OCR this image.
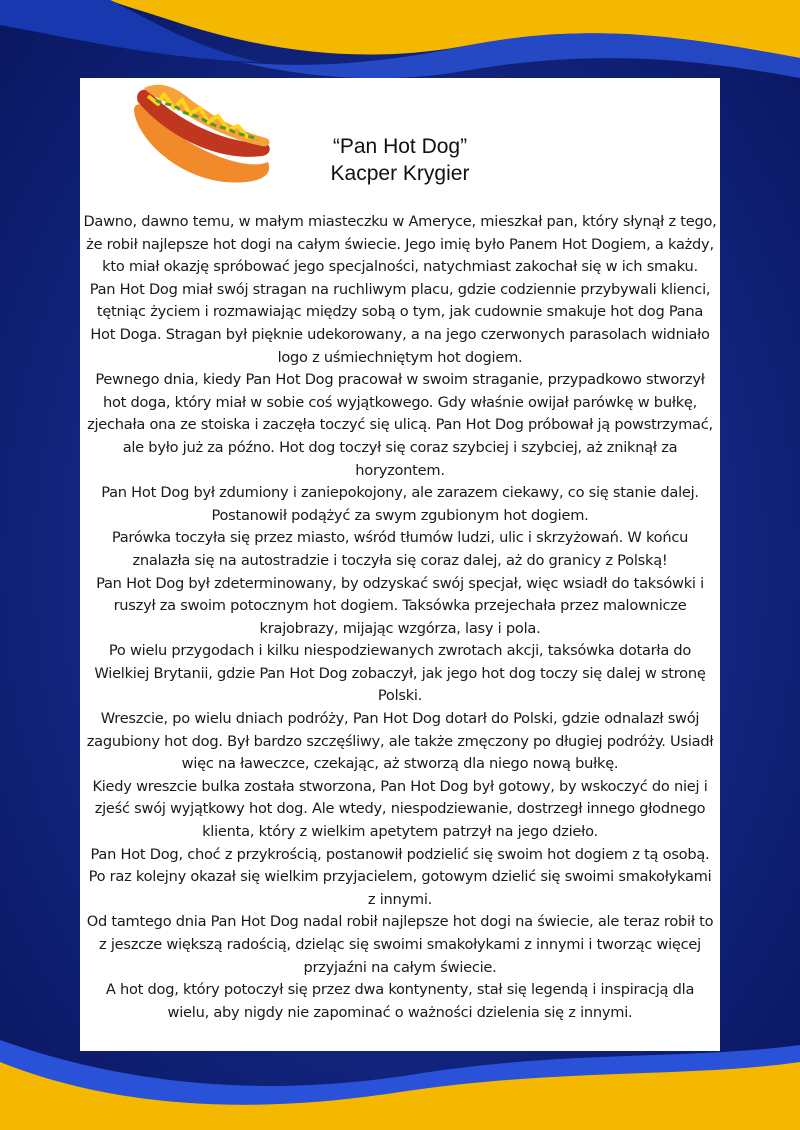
“Pan Hot Dog”
Kacper Krygier

Dawno, dawno temu, w małym miasteczku w Ameryce, mieszkał pan, który słynął z tego, że robił najlepsze hot dogi na całym świecie. Jego imię było Panem Hot Dogiem, a każdy, kto miał okazję spróbować jego specjalności, natychmiast zakochał się w ich smaku.

Pan Hot Dog miał swój stragan na ruchliwym placu, gdzie codziennie przybywali klienci, tętniąc życiem i rozmawiając między sobą o tym, jak cudownie smakuje hot dog Pana Hot Doga. Stragan był pięknie udekorowany, a na jego czerwonych parasolach widniało logo z uśmiechniętym hot dogiem.

Pewnego dnia, kiedy Pan Hot Dog pracował w swoim straganie, przypadkowo stworzył hot doga, który miał w sobie coś wyjątkowego. Gdy właśnie owijał parówkę w bułkę, zjechała ona ze stoiska i zaczęła toczyć się ulicą. Pan Hot Dog próbował ją powstrzymać, ale było już za późno. Hot dog toczył się coraz szybciej i szybciej, aż zniknął za horyzontem.

Pan Hot Dog był zdumiony i zaniepokojony, ale zarazem ciekawy, co się stanie dalej. Postanowił podążyć za swym zgubionym hot dogiem.

Parówka toczyła się przez miasto, wśród tłumów ludzi, ulic i skrzyżowań. W końcu znalazła się na autostradzie i toczyła się coraz dalej, aż do granicy z Polską!

Pan Hot Dog był zdeterminowany, by odzyskać swój specjał, więc wsiadł do taksówki i ruszył za swoim potocznym hot dogiem. Taksówka przejechała przez malownicze krajobrazy, mijając wzgórza, lasy i pola.

Po wielu przygodach i kilku niespodziewanych zwrotach akcji, taksówka dotarła do Wielkiej Brytanii, gdzie Pan Hot Dog zobaczył, jak jego hot dog toczy się dalej w stronę Polski.

Wreszcie, po wielu dniach podróży, Pan Hot Dog dotarł do Polski, gdzie odnalazł swój zagubiony hot dog. Był bardzo szczęśliwy, ale także zmęczony po długiej podróży. Usiadł więc na ławeczce, czekając, aż stworzą dla niego nową bułkę.

Kiedy wreszcie bulka została stworzona, Pan Hot Dog był gotowy, by wskoczyć do niej i zjeść swój wyjątkowy hot dog. Ale wtedy, niespodziewanie, dostrzegł innego głodnego klienta, który z wielkim apetytem patrzył na jego dzieło.

Pan Hot Dog, choć z przykrością, postanowił podzielić się swoim hot dogiem z tą osobą. Po raz kolejny okazał się wielkim przyjacielem, gotowym dzielić się swoimi smakołykami z innymi.

Od tamtego dnia Pan Hot Dog nadal robił najlepsze hot dogi na świecie, ale teraz robił to z jeszcze większą radością, dzieląc się swoimi smakołykami z innymi i tworząc więcej przyjaźni na całym świecie.

A hot dog, który potoczył się przez dwa kontynenty, stał się legendą i inspiracją dla wielu, aby nigdy nie zapominać o ważności dzielenia się z innymi.
